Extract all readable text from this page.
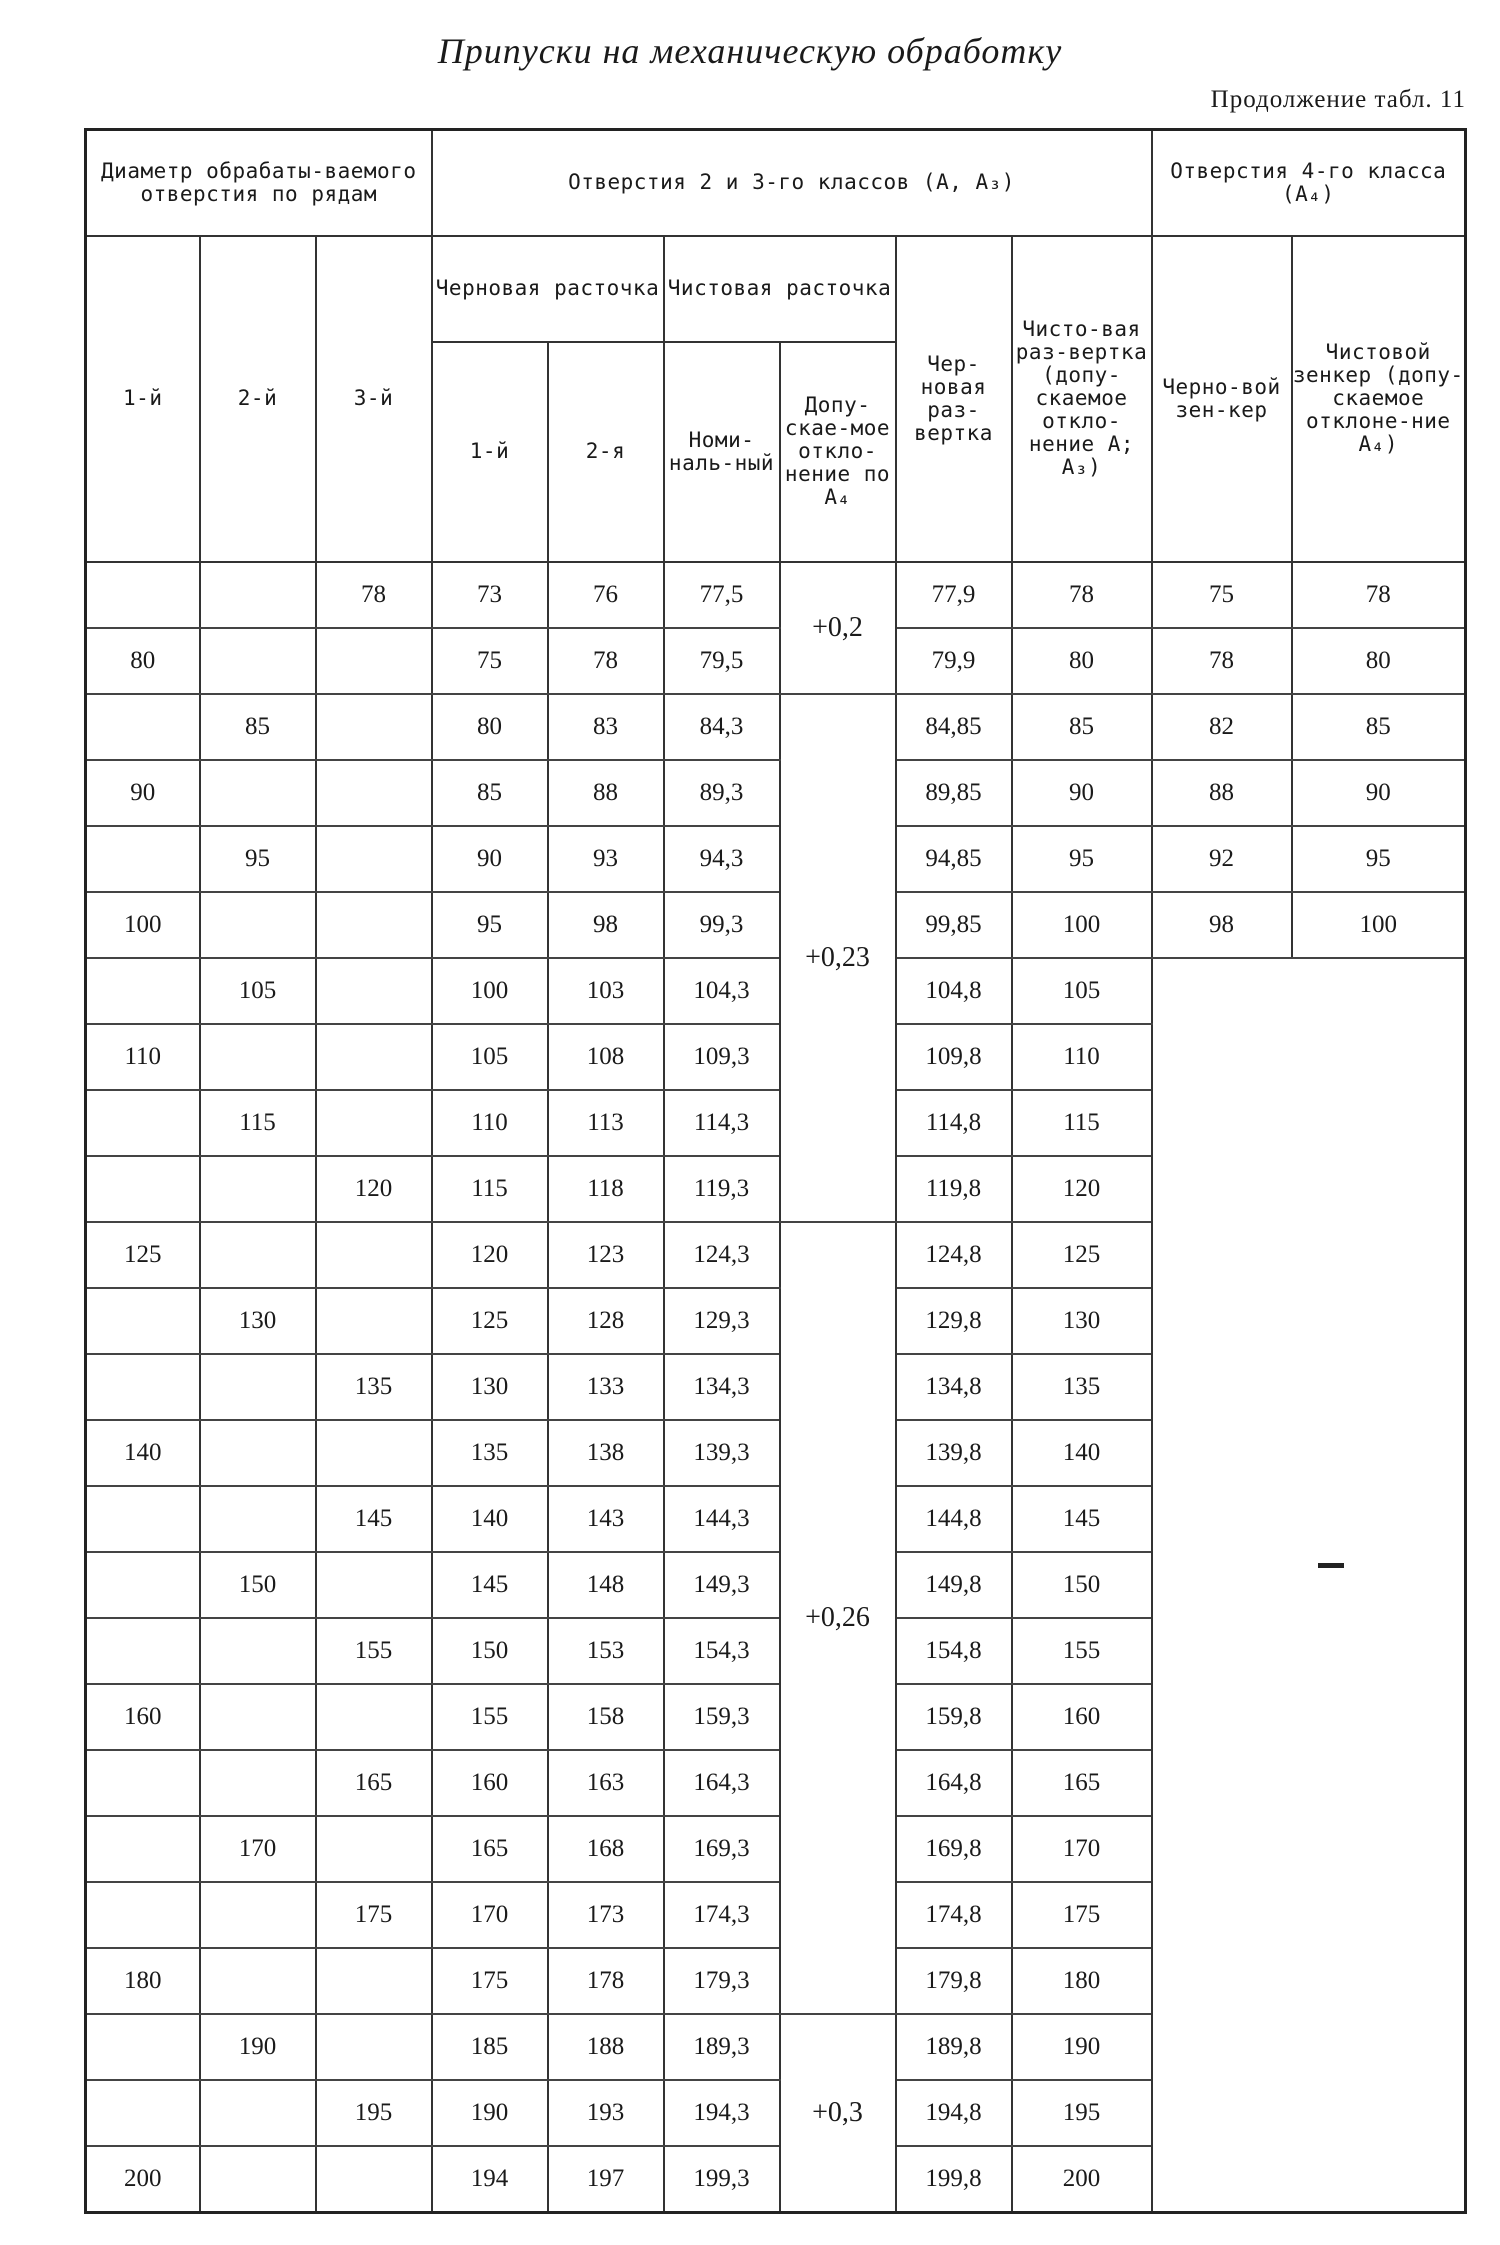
Припуски на механическую обработку
Продолжение табл. 11
Диаметр обрабаты-ваемого отверстия по рядам			Отверстия 2 и 3-го классов (A, A₃)						Отверстия 4-го класса (A₄)	
1-й	2-й	3-й	Черновая расточка		Чистовая расточка		Чер-новая раз-вертка	Чисто-вая раз-вертка (допу-скаемое откло-нение A; A₃)	Черно-вой зен-кер	Чистовой зенкер (допу-скаемое отклоне-ние A₄)
			1-й	2-я	Номи-наль-ный	Допу-скае-мое откло-нение по A₄				
		78	73	76	77,5	+0,2	77,9	78	75	78
80			75	78	79,5		79,9	80	78	80
	85		80	83	84,3	+0,23	84,85	85	82	85
90			85	88	89,3		89,85	90	88	90
	95		90	93	94,3		94,85	95	92	95
100			95	98	99,3		99,85	100	98	100
	105		100	103	104,3		104,8	105	

110			105	108	109,3		109,8	110		
	115		110	113	114,3		114,8	115		
		120	115	118	119,3		119,8	120		
125			120	123	124,3	+0,26	124,8	125		
	130		125	128	129,3		129,8	130		
		135	130	133	134,3		134,8	135		
140			135	138	139,3		139,8	140		
		145	140	143	144,3		144,8	145		
	150		145	148	149,3		149,8	150		
		155	150	153	154,3		154,8	155		
160			155	158	159,3		159,8	160		
		165	160	163	164,3		164,8	165		
	170		165	168	169,3		169,8	170		
		175	170	173	174,3		174,8	175		
180			175	178	179,3		179,8	180		
	190		185	188	189,3	+0,3	189,8	190		
		195	190	193	194,3		194,8	195		
200			194	197	199,3		199,8	200		
